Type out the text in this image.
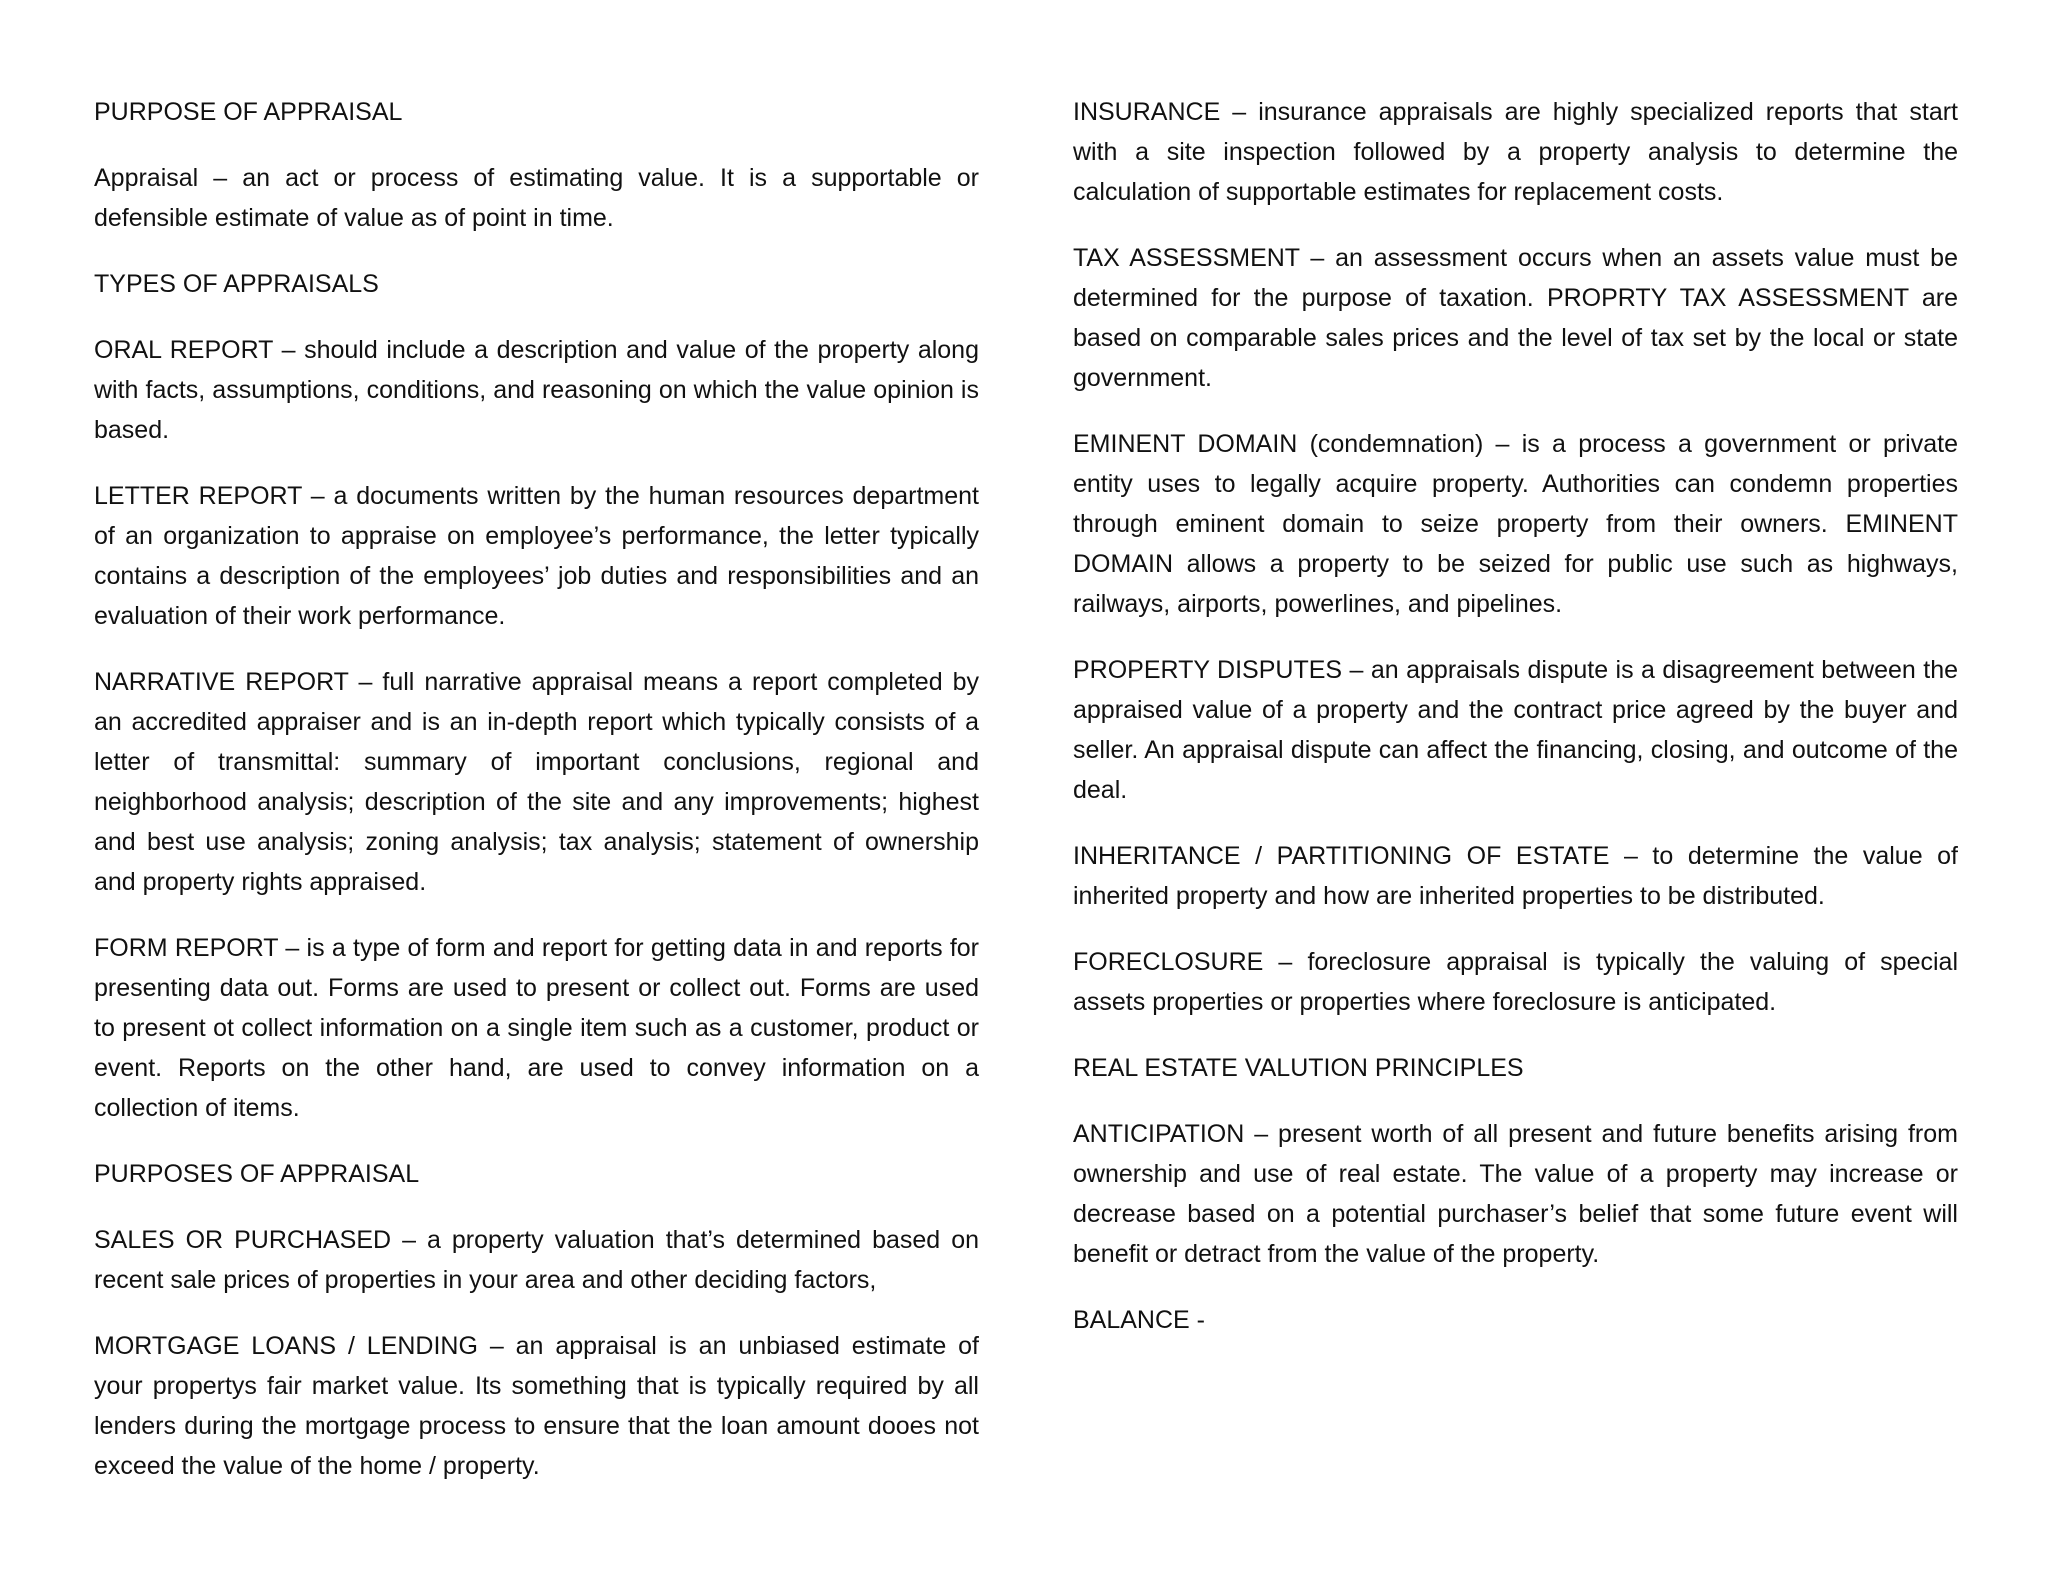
PURPOSE OF APPRAISAL

Appraisal – an act or process of estimating value. It is a supportable or defensible estimate of value as of point in time.

TYPES OF APPRAISALS

ORAL REPORT – should include a description and value of the property along with facts, assumptions, conditions, and reasoning on which the value opinion is based.

LETTER REPORT – a documents written by the human resources department of an organization to appraise on employee’s performance, the letter typically contains a description of the employees’ job duties and responsibilities and an evaluation of their work performance.

NARRATIVE REPORT – full narrative appraisal means a report completed by an accredited appraiser and is an in-depth report which typically consists of a letter of transmittal: summary of important conclusions, regional and neighborhood analysis; description of the site and any improvements; highest and best use analysis; zoning analysis; tax analysis; statement of ownership and property rights appraised.

FORM REPORT – is a type of form and report for getting data in and reports for presenting data out. Forms are used to present or collect out. Forms are used to present ot collect information on a single item such as a customer, product or event. Reports on the other hand, are used to convey information on a collection of items.

PURPOSES OF APPRAISAL

SALES OR PURCHASED – a property valuation that’s determined based on recent sale prices of properties in your area and other deciding factors,

MORTGAGE LOANS / LENDING – an appraisal is an unbiased estimate of your propertys fair market value. Its something that is typically required by all lenders during the mortgage process to ensure that the loan amount dooes not exceed the value of the home / property.

INSURANCE – insurance appraisals are highly specialized reports that start with a site inspection followed by a property analysis to determine the calculation of supportable estimates for replacement costs.

TAX ASSESSMENT – an assessment occurs when an assets value must be determined for the purpose of taxation. PROPRTY TAX ASSESSMENT are based on comparable sales prices and the level of tax set by the local or state government.

EMINENT DOMAIN (condemnation) – is a process a government or private entity uses to legally acquire property. Authorities can condemn properties through eminent domain to seize property from their owners. EMINENT DOMAIN allows a property to be seized for public use such as highways, railways, airports, powerlines, and pipelines.

PROPERTY DISPUTES – an appraisals dispute is a disagreement between the appraised value of a property and the contract price agreed by the buyer and seller. An appraisal dispute can affect the financing, closing, and outcome of the deal.

INHERITANCE / PARTITIONING OF ESTATE – to determine the value of inherited property and how are inherited properties to be distributed.

FORECLOSURE – foreclosure appraisal is typically the valuing of special assets properties or properties where foreclosure is anticipated.

REAL ESTATE VALUTION PRINCIPLES

ANTICIPATION – present worth of all present and future benefits arising from ownership and use of real estate. The value of a property may increase or decrease based on a potential purchaser’s belief that some future event will benefit or detract from the value of the property.

BALANCE -
